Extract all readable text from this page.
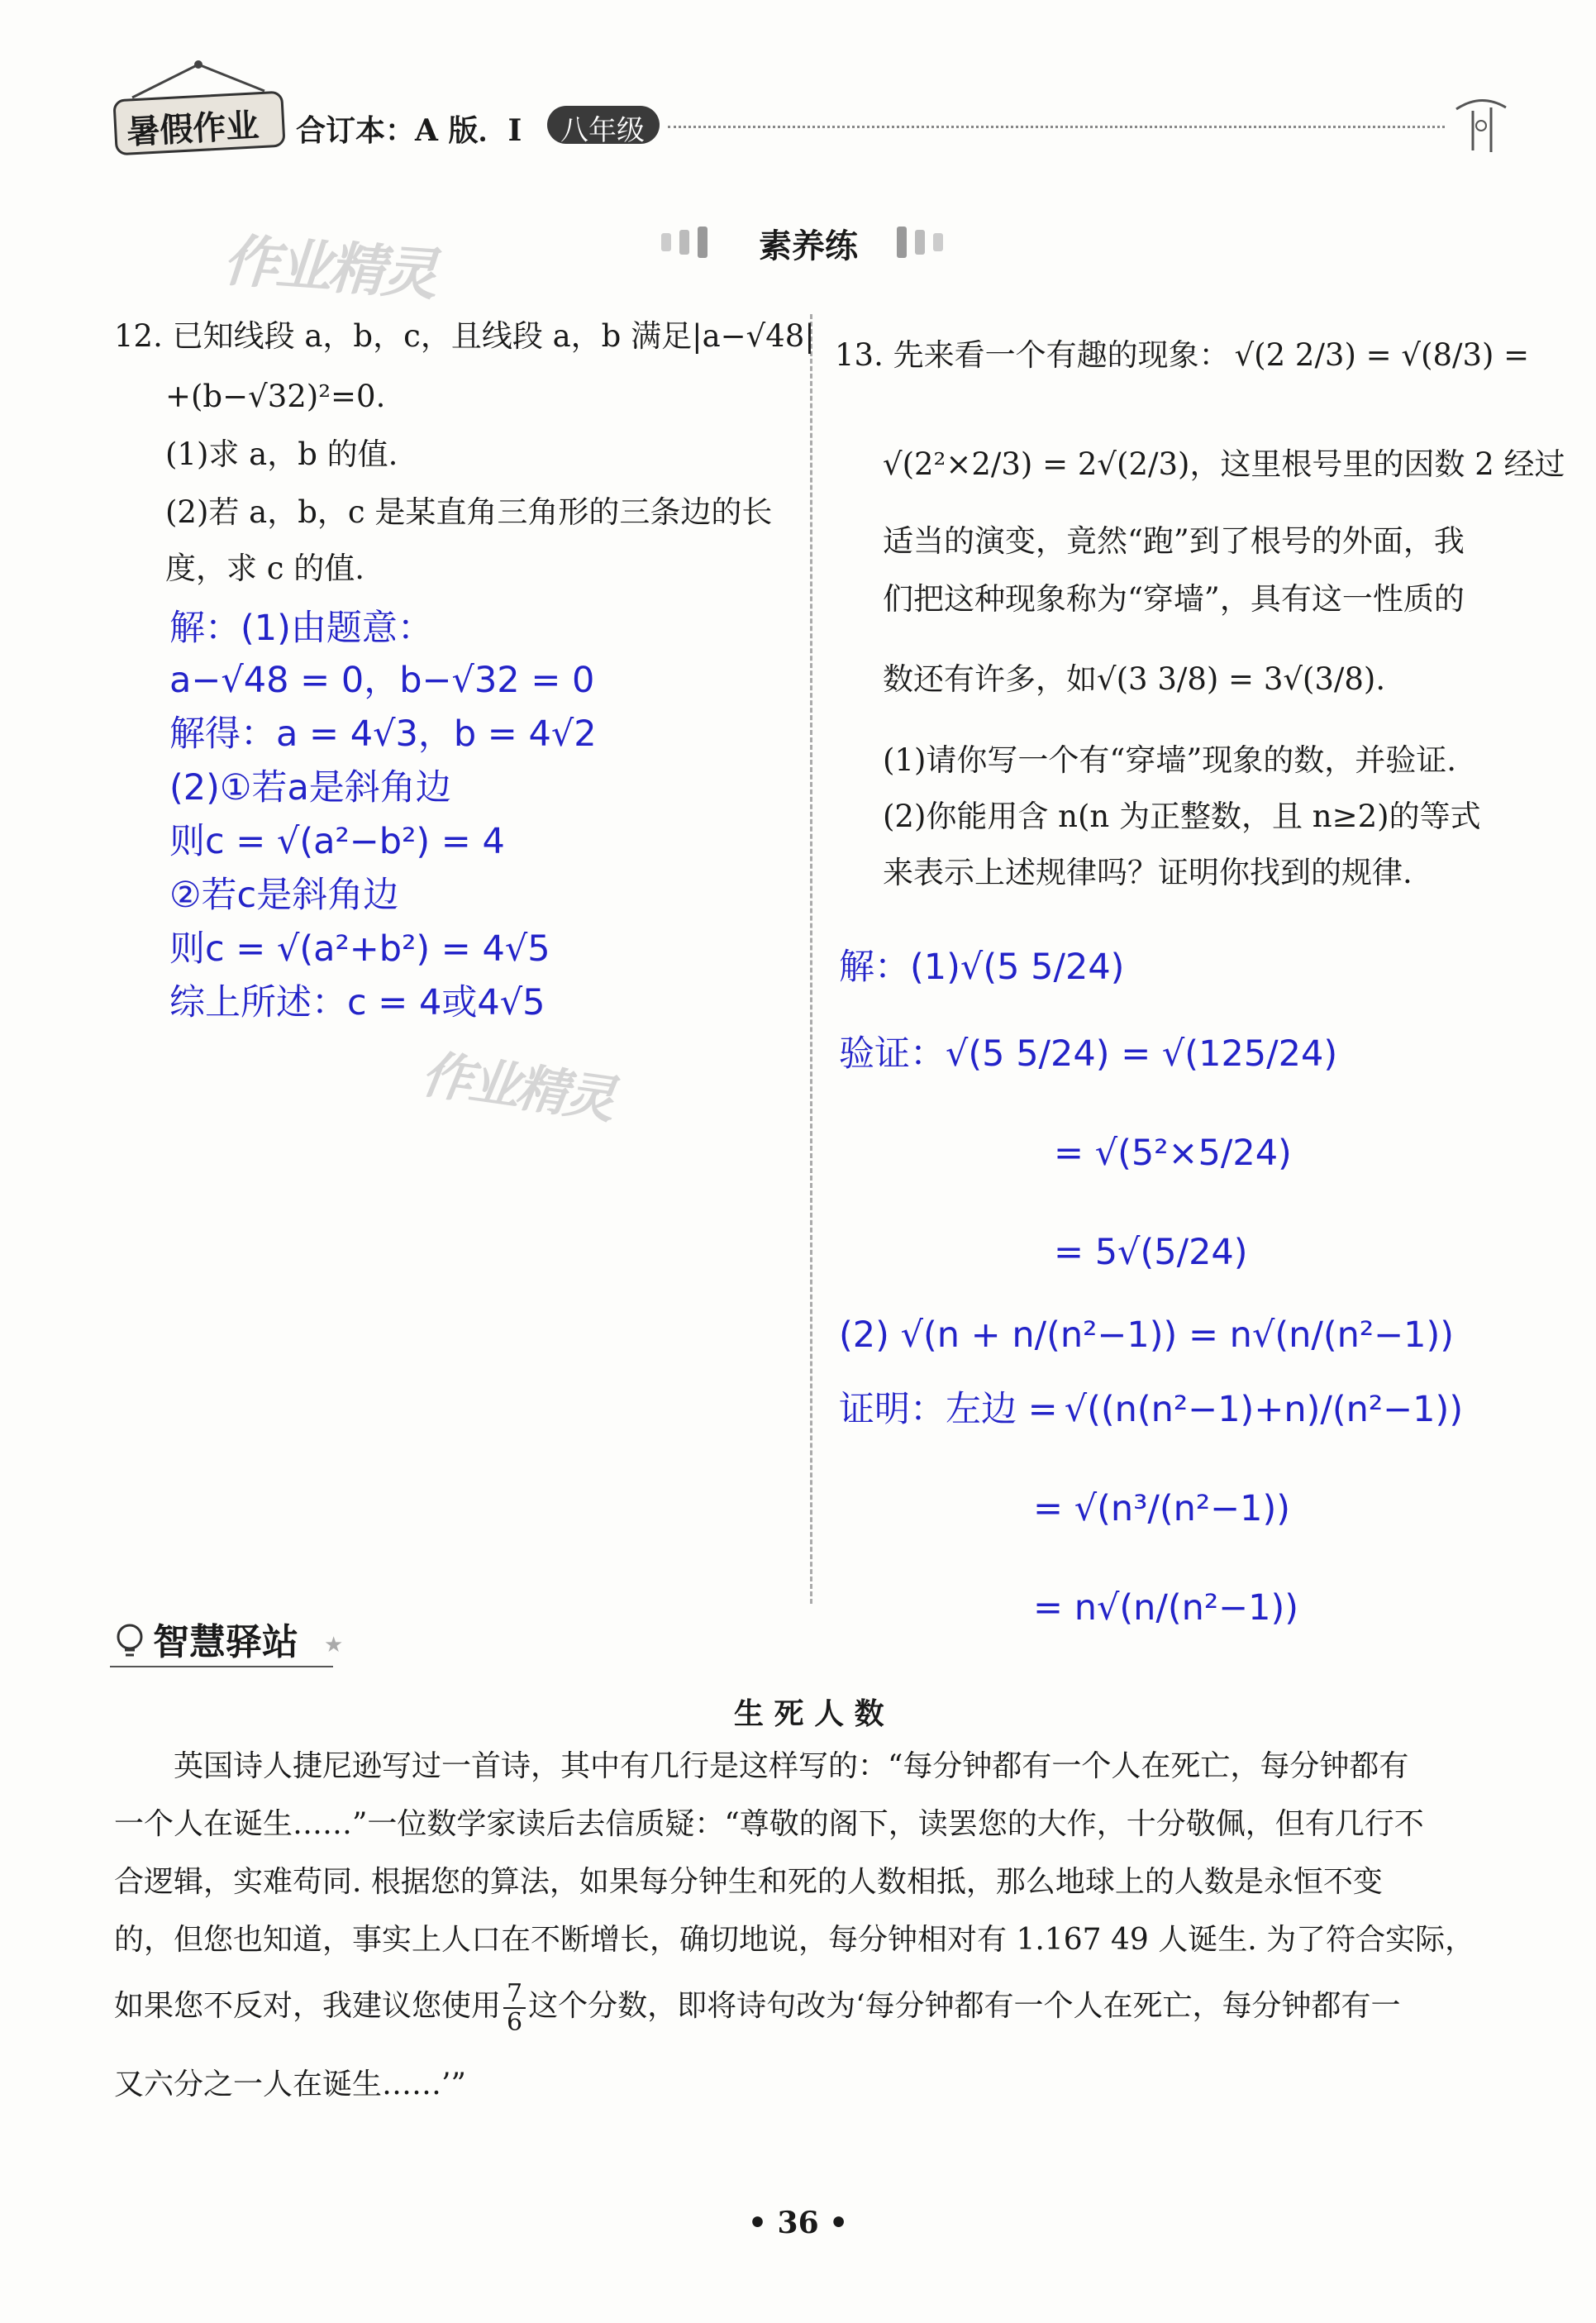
暑假作业 合订本：A 版．I 八年级
作业精灵	素养练
12. 已知线段 a，b，c，且线段 a，b 满足|a−√48|
+(b−√32)²=0.
(1)求 a，b 的值.
(2)若 a，b，c 是某直角三角形的三条边的长
度，求 c 的值.
解：(1)由题意：
a−√48 = 0，b−√32 = 0
解得：a = 4√3，b = 4√2
(2)①若a是斜角边
则c = √(a²−b²) = 4
②若c是斜角边
则c = √(a²+b²) = 4√5
综上所述：c = 4或4√5
作业精灵
13. 先来看一个有趣的现象： √(2 2/3) = √(8/3) =
√(2²×2/3) = 2√(2/3)，这里根号里的因数 2 经过
适当的演变，竟然“跑”到了根号的外面，我
们把这种现象称为“穿墙”，具有这一性质的
数还有许多，如√(3 3/8) = 3√(3/8).
(1)请你写一个有“穿墙”现象的数，并验证.
(2)你能用含 n(n 为正整数，且 n≥2)的等式
来表示上述规律吗？证明你找到的规律.
解：(1)√(5 5/24)
验证：√(5 5/24) = √(125/24)
= √(5²×5/24)
= 5√(5/24)
(2) √(n + n/(n²−1)) = n√(n/(n²−1))
证明：左边 = √((n(n²−1)+n)/(n²−1))
= √(n³/(n²−1))
= n√(n/(n²−1))
智慧驿站 ★
生 死 人 数
英国诗人捷尼逊写过一首诗，其中有几行是这样写的：“每分钟都有一个人在死亡，每分钟都有
一个人在诞生……”一位数学家读后去信质疑：“尊敬的阁下，读罢您的大作，十分敬佩，但有几行不
合逻辑，实难苟同. 根据您的算法，如果每分钟生和死的人数相抵，那么地球上的人数是永恒不变
的，但您也知道，事实上人口在不断增长，确切地说，每分钟相对有 1.167 49 人诞生. 为了符合实际，
如果您不反对，我建议您使用 $\frac{7}{6}$ 这个分数，即将诗句改为‘每分钟都有一个人在死亡，每分钟都有一
又六分之一人在诞生……’”
• 36 •
